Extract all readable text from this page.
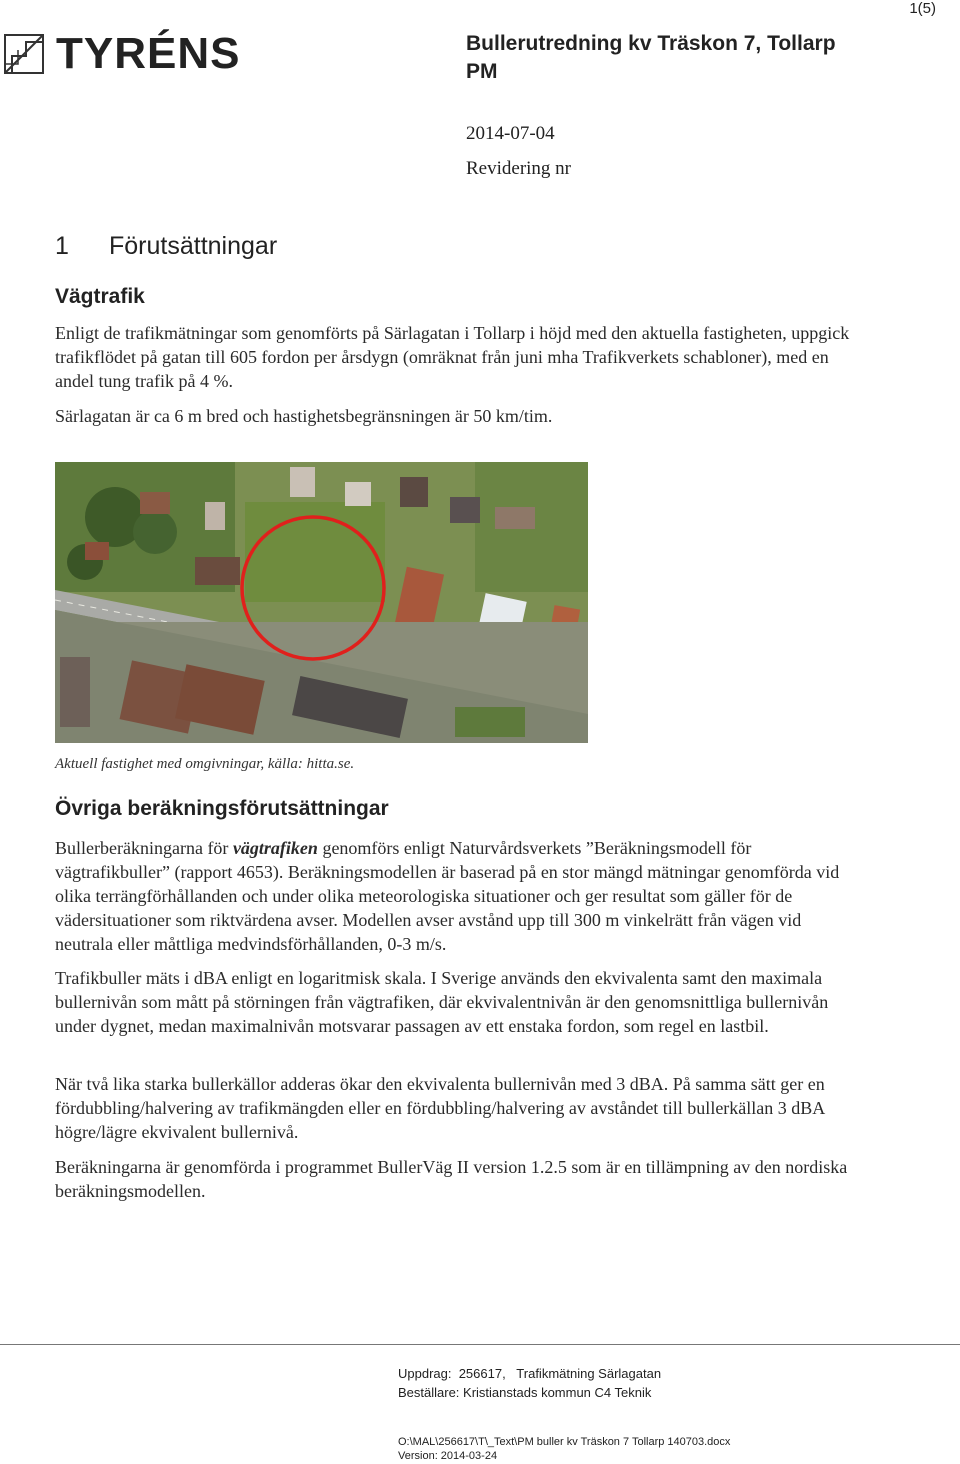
1(5)
TYRÉNS	Bullerutredning kv Träskon 7, Tollarp
PM
2014-07-04
Revidering nr
1 Förutsättningar
Vägtrafik

Enligt de trafikmätningar som genomförts på Särlagatan i Tollarp i höjd med den aktuella fastigheten, uppgick trafikflödet på gatan till 605 fordon per årsdygn (omräknat från juni mha Trafikverkets schabloner), med en andel tung trafik på 4 %.

Särlagatan är ca 6 m bred och hastighetsbegränsningen är 50 km/tim.

Aktuell fastighet med omgivningar, källa: hitta.se.
Övriga beräkningsförutsättningar

Bullerberäkningarna för vägtrafiken genomförs enligt Naturvårdsverkets ”Beräkningsmodell för vägtrafikbuller” (rapport 4653). Beräkningsmodellen är baserad på en stor mängd mätningar genomförda vid olika terrängförhållanden och under olika meteorologiska situationer och ger resultat som gäller för de vädersituationer som riktvärdena avser. Modellen avser avstånd upp till 300 m vinkelrätt från vägen vid neutrala eller måttliga medvindsförhållanden, 0-3 m/s.

Trafikbuller mäts i dBA enligt en logaritmisk skala. I Sverige används den ekvivalenta samt den maximala bullernivån som mått på störningen från vägtrafiken, där ekvivalentnivån är den genomsnittliga bullernivån under dygnet, medan maximalnivån motsvarar passagen av ett enstaka fordon, som regel en lastbil.

När två lika starka bullerkällor adderas ökar den ekvivalenta bullernivån med 3 dBA. På samma sätt ger en fördubbling/halvering av trafikmängden eller en fördubbling/halvering av avståndet till bullerkällan 3 dBA högre/lägre ekvivalent bullernivå.

Beräkningarna är genomförda i programmet BullerVäg II version 1.2.5 som är en tillämpning av den nordiska beräkningsmodellen.

Uppdrag:  256617,   Trafikmätning Särlagatan
Beställare: Kristianstads kommun C4 Teknik
O:\MAL\256617\T\_Text\PM buller kv Träskon 7 Tollarp 140703.docx
Version: 2014-03-24
